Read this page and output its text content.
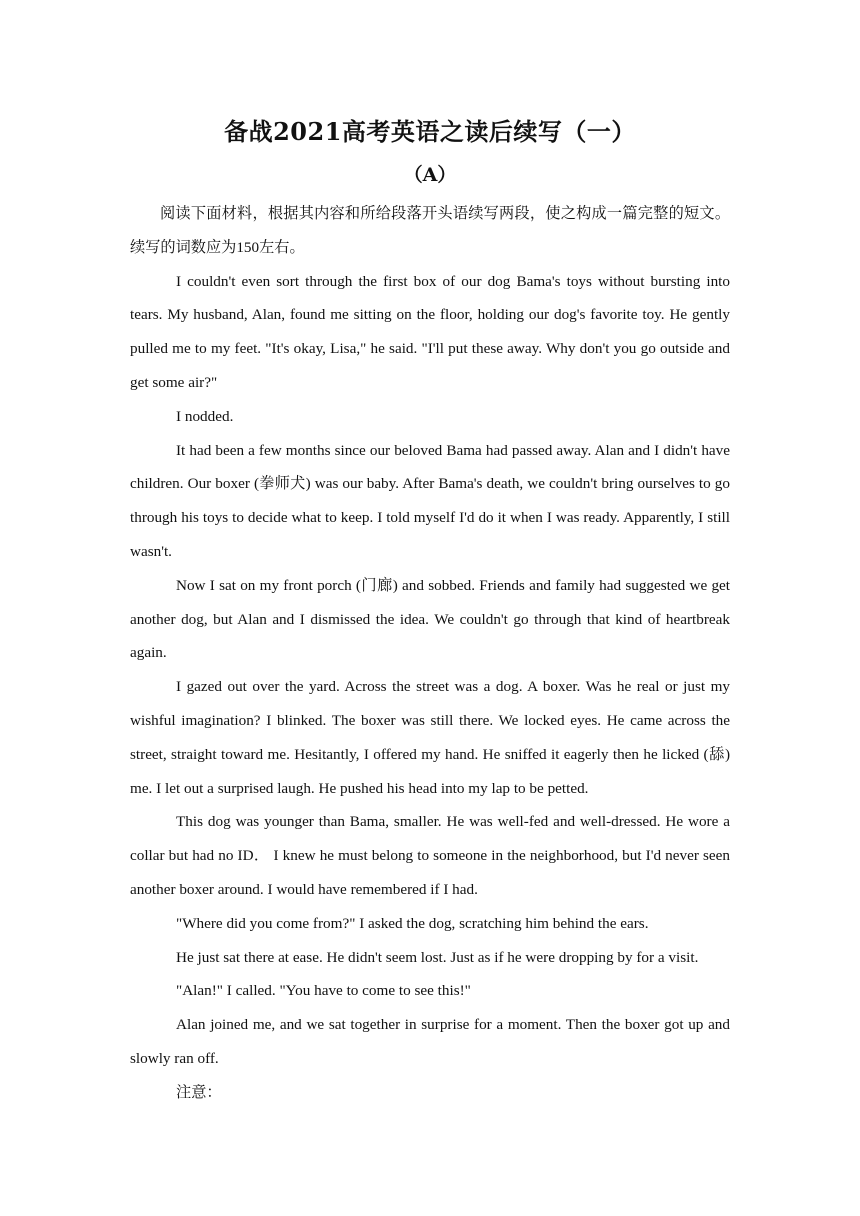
备战2021高考英语之读后续写（一）
（A）

阅读下面材料，根据其内容和所给段落开头语续写两段，使之构成一篇完整的短文。续写的词数应为150左右。

I couldn't even sort through the first box of our dog Bama's toys without bursting into tears. My husband, Alan, found me sitting on the floor, holding our dog's favorite toy. He gently pulled me to my feet. "It's okay, Lisa," he said. "I'll put these away. Why don't you go outside and get some air?"

I nodded.

It had been a few months since our beloved Bama had passed away. Alan and I didn't have children. Our boxer (拳师犬) was our baby. After Bama's death, we couldn't bring ourselves to go through his toys to decide what to keep. I told myself I'd do it when I was ready. Apparently, I still wasn't.

Now I sat on my front porch (门廊) and sobbed. Friends and family had suggested we get another dog, but Alan and I dismissed the idea. We couldn't go through that kind of heartbreak again.

I gazed out over the yard. Across the street was a dog. A boxer. Was he real or just my wishful imagination? I blinked. The boxer was still there. We locked eyes. He came across the street, straight toward me. Hesitantly, I offered my hand. He sniffed it eagerly then he licked (舔) me. I let out a surprised laugh. He pushed his head into my lap to be petted.

This dog was younger than Bama, smaller. He was well-fed and well-dressed. He wore a collar but had no ID． I knew he must belong to someone in the neighborhood, but I'd never seen another boxer around. I would have remembered if I had.

"Where did you come from?" I asked the dog, scratching him behind the ears.

He just sat there at ease. He didn't seem lost. Just as if he were dropping by for a visit.

"Alan!" I called. "You have to come to see this!"

Alan joined me, and we sat together in surprise for a moment. Then the boxer got up and slowly ran off.

注意：
